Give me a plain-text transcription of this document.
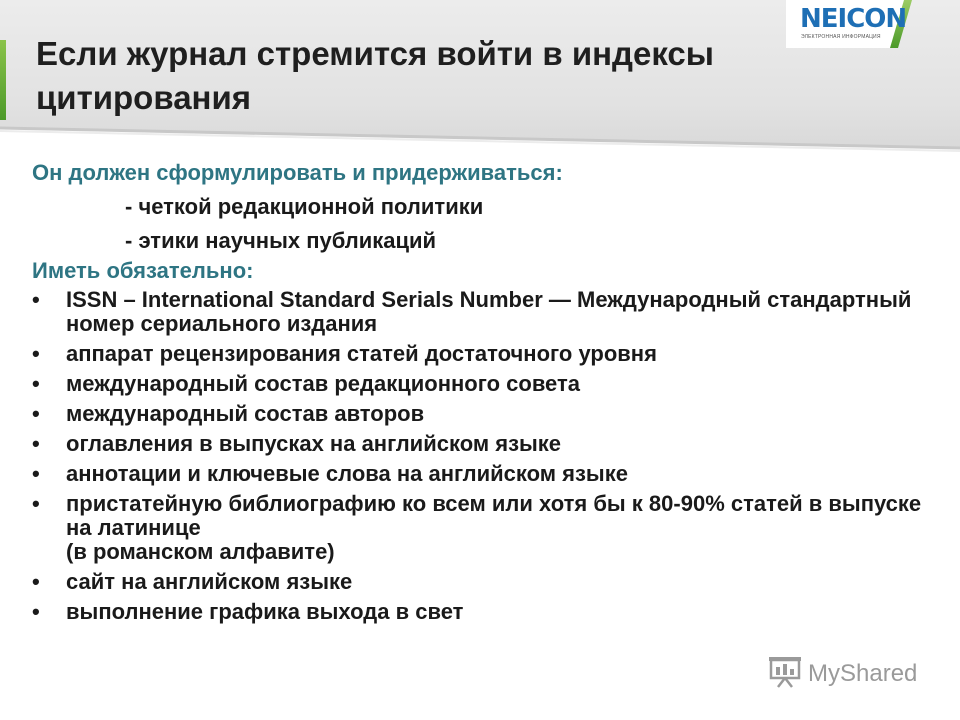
NEICON
ЭЛЕКТРОННАЯ ИНФОРМАЦИЯ
Если журнал стремится войти в индексы цитирования
Он должен сформулировать и придерживаться:
- четкой редакционной политики
- этики научных публикаций
Иметь обязательно:
• ISSN – International Standard Serials Number — Международный стандартный номер сериального издания
• аппарат рецензирования статей достаточного уровня
• международный состав редакционного совета
• международный состав авторов
• оглавления в выпусках на английском языке
• аннотации и ключевые слова на английском языке
• пристатейную библиографию ко всем или хотя бы к 80-90% статей в выпуске на латинице
(в романском алфавите)
• сайт на английском языке
• выполнение графика выхода в свет
MyShared
